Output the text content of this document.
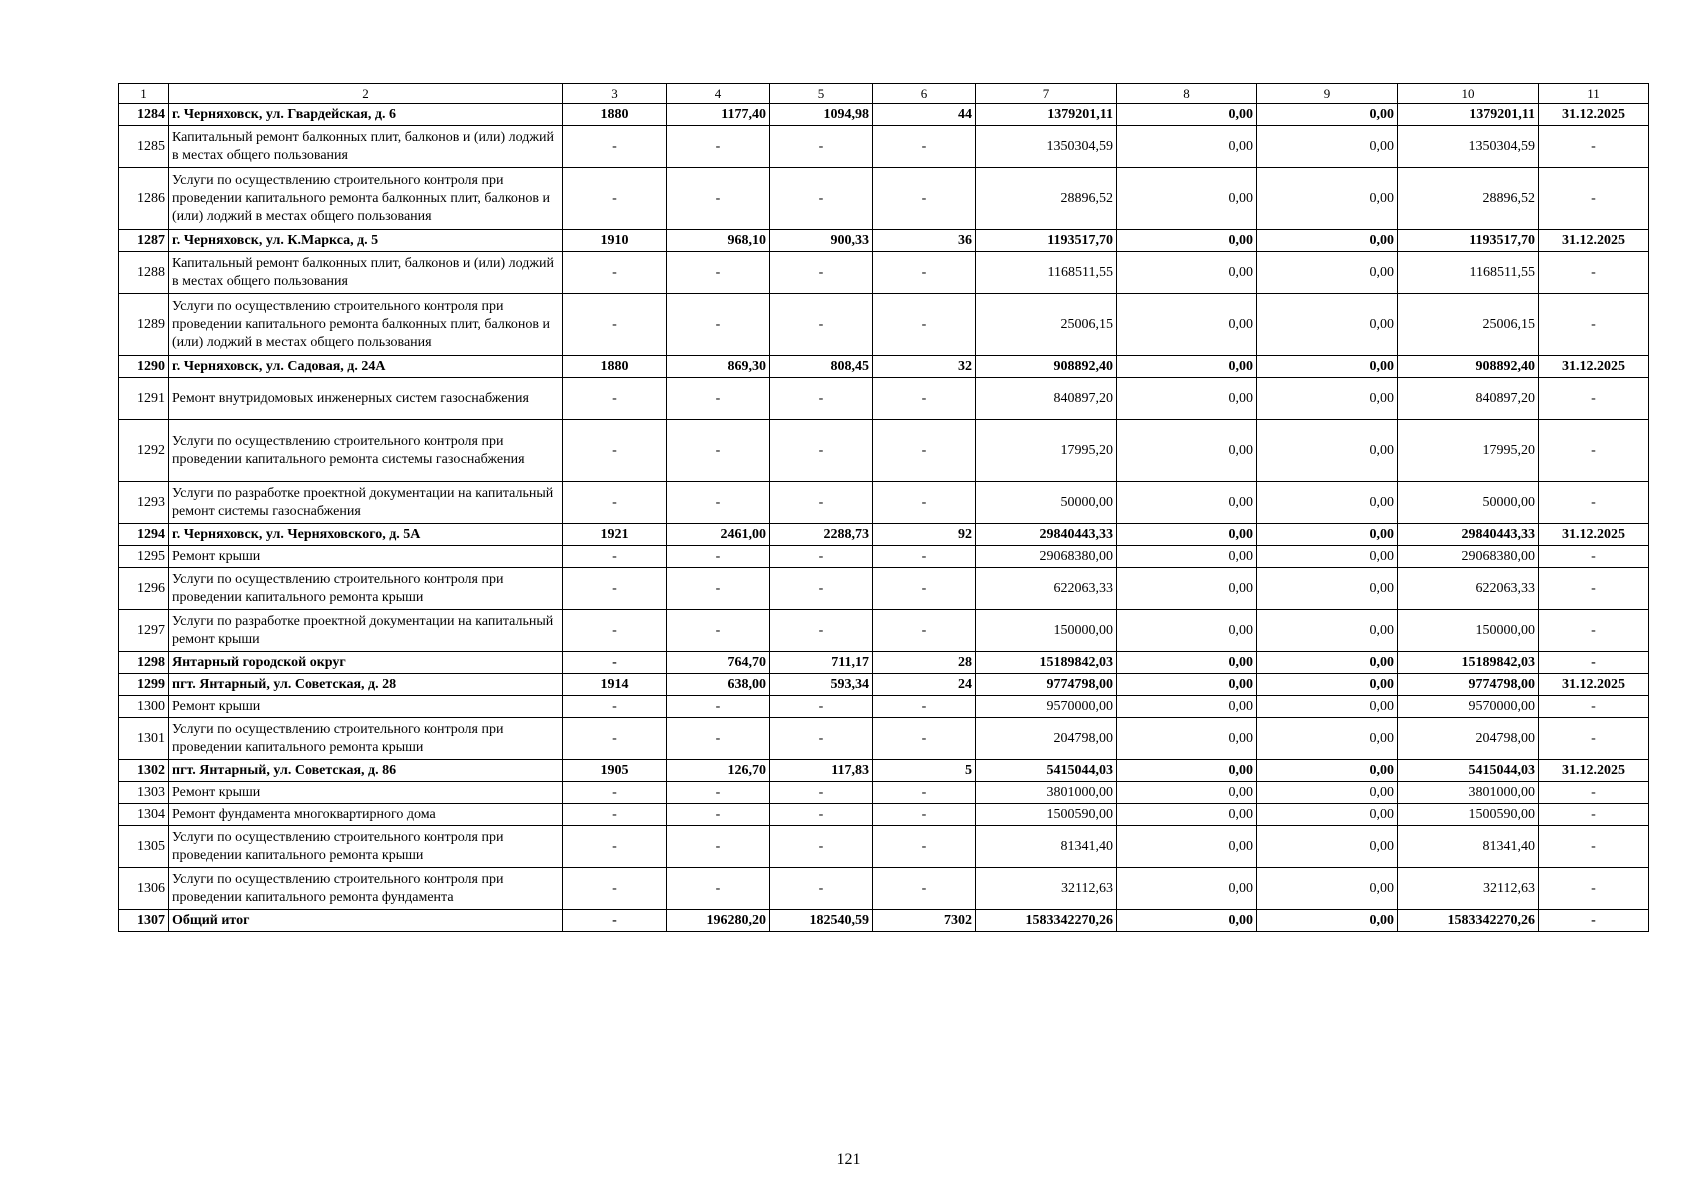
1	2	3	4	5	6	7	8	9	10	11
1284	г. Черняховск, ул. Гвардейская, д. 6	1880	1177,40	1094,98	44	1379201,11	0,00	0,00	1379201,11	31.12.2025
1285	Капитальный ремонт балконных плит, балконов и (или) лоджий в местах общего пользования	-	-	-	-	1350304,59	0,00	0,00	1350304,59	-
1286	Услуги по осуществлению строительного контроля при проведении капитального ремонта балконных плит, балконов и (или) лоджий в местах общего пользования	-	-	-	-	28896,52	0,00	0,00	28896,52	-
1287	г. Черняховск, ул. К.Маркса, д. 5	1910	968,10	900,33	36	1193517,70	0,00	0,00	1193517,70	31.12.2025
1288	Капитальный ремонт балконных плит, балконов и (или) лоджий в местах общего пользования	-	-	-	-	1168511,55	0,00	0,00	1168511,55	-
1289	Услуги по осуществлению строительного контроля при проведении капитального ремонта балконных плит, балконов и (или) лоджий в местах общего пользования	-	-	-	-	25006,15	0,00	0,00	25006,15	-
1290	г. Черняховск, ул. Садовая, д. 24А	1880	869,30	808,45	32	908892,40	0,00	0,00	908892,40	31.12.2025
1291	Ремонт внутридомовых инженерных систем газоснабжения	-	-	-	-	840897,20	0,00	0,00	840897,20	-
1292	Услуги по осуществлению строительного контроля при проведении капитального ремонта системы газоснабжения	-	-	-	-	17995,20	0,00	0,00	17995,20	-
1293	Услуги по разработке проектной документации на капитальный ремонт системы газоснабжения	-	-	-	-	50000,00	0,00	0,00	50000,00	-
1294	г. Черняховск, ул. Черняховского, д. 5А	1921	2461,00	2288,73	92	29840443,33	0,00	0,00	29840443,33	31.12.2025
1295	Ремонт крыши	-	-	-	-	29068380,00	0,00	0,00	29068380,00	-
1296	Услуги по осуществлению строительного контроля при проведении капитального ремонта крыши	-	-	-	-	622063,33	0,00	0,00	622063,33	-
1297	Услуги по разработке проектной документации на капитальный ремонт крыши	-	-	-	-	150000,00	0,00	0,00	150000,00	-
1298	Янтарный городской округ	-	764,70	711,17	28	15189842,03	0,00	0,00	15189842,03	-
1299	пгт. Янтарный, ул. Советская, д. 28	1914	638,00	593,34	24	9774798,00	0,00	0,00	9774798,00	31.12.2025
1300	Ремонт крыши	-	-	-	-	9570000,00	0,00	0,00	9570000,00	-
1301	Услуги по осуществлению строительного контроля при проведении капитального ремонта крыши	-	-	-	-	204798,00	0,00	0,00	204798,00	-
1302	пгт. Янтарный, ул. Советская, д. 86	1905	126,70	117,83	5	5415044,03	0,00	0,00	5415044,03	31.12.2025
1303	Ремонт крыши	-	-	-	-	3801000,00	0,00	0,00	3801000,00	-
1304	Ремонт фундамента многоквартирного дома	-	-	-	-	1500590,00	0,00	0,00	1500590,00	-
1305	Услуги по осуществлению строительного контроля при проведении капитального ремонта крыши	-	-	-	-	81341,40	0,00	0,00	81341,40	-
1306	Услуги по осуществлению строительного контроля при проведении капитального ремонта фундамента	-	-	-	-	32112,63	0,00	0,00	32112,63	-
1307	Общий итог	-	196280,20	182540,59	7302	1583342270,26	0,00	0,00	1583342270,26	-
121
